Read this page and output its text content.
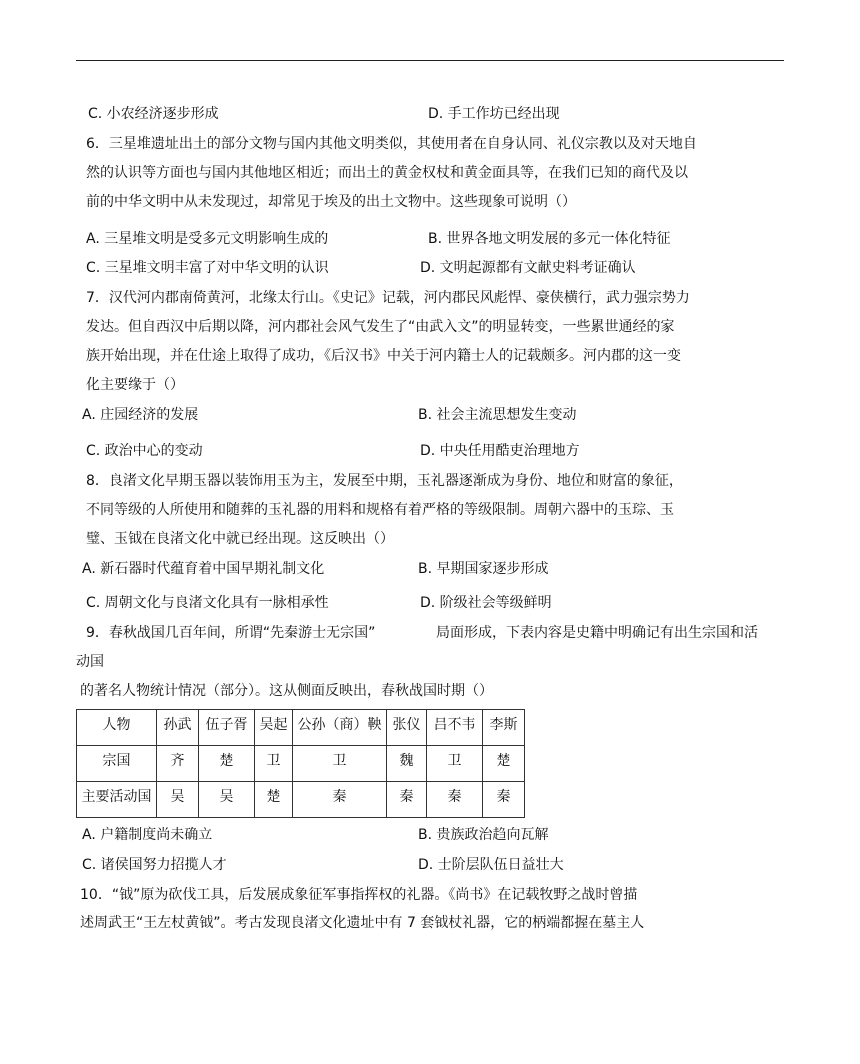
C. 小农经济逐步形成	D. 手工作坊已经出现
6．三星堆遗址出土的部分文物与国内其他文明类似，其使用者在自身认同、礼仪宗教以及对天地自
然的认识等方面也与国内其他地区相近；而出土的黄金权杖和黄金面具等，在我们已知的商代及以
前的中华文明中从未发现过，却常见于埃及的出土文物中。这些现象可说明（）
A. 三星堆文明是受多元文明影响生成的	B. 世界各地文明发展的多元一体化特征
C. 三星堆文明丰富了对中华文明的认识	D. 文明起源都有文献史料考证确认
7．汉代河内郡南倚黄河，北缘太行山。《史记》记载，河内郡民风彪悍、豪侠横行，武力强宗势力
发达。但自西汉中后期以降，河内郡社会风气发生了“由武入文”的明显转变，一些累世通经的家
族开始出现，并在仕途上取得了成功，《后汉书》中关于河内籍士人的记载颇多。河内郡的这一变
化主要缘于（）
A. 庄园经济的发展	B. 社会主流思想发生变动
C. 政治中心的变动	D. 中央任用酷吏治理地方
8．良渚文化早期玉器以装饰用玉为主，发展至中期，玉礼器逐渐成为身份、地位和财富的象征，
不同等级的人所使用和随葬的玉礼器的用料和规格有着严格的等级限制。周朝六器中的玉琮、玉
璧、玉钺在良渚文化中就已经出现。这反映出（）
A. 新石器时代蕴育着中国早期礼制文化	B. 早期国家逐步形成
C. 周朝文化与良渚文化具有一脉相承性	D. 阶级社会等级鲜明
9．春秋战国几百年间，所谓“先秦游士无宗国”	局面形成，下表内容是史籍中明确记有出生宗国和活
动国
的著名人物统计情况（部分）。这从侧面反映出，春秋战国时期（）
人物	孙武	伍子胥	吴起	公孙（商）鞅	张仪	吕不韦	李斯
宗国	齐	楚	卫	卫	魏	卫	楚
主要活动国	吴	吴	楚	秦	秦	秦	秦
A. 户籍制度尚未确立	B. 贵族政治趋向瓦解
C. 诸侯国努力招揽人才	D. 士阶层队伍日益壮大
10．“钺”原为砍伐工具，后发展成象征军事指挥权的礼器。《尚书》在记载牧野之战时曾描
述周武王“王左杖黄钺”。考古发现良渚文化遗址中有 7 套钺杖礼器，它的柄端都握在墓主人
